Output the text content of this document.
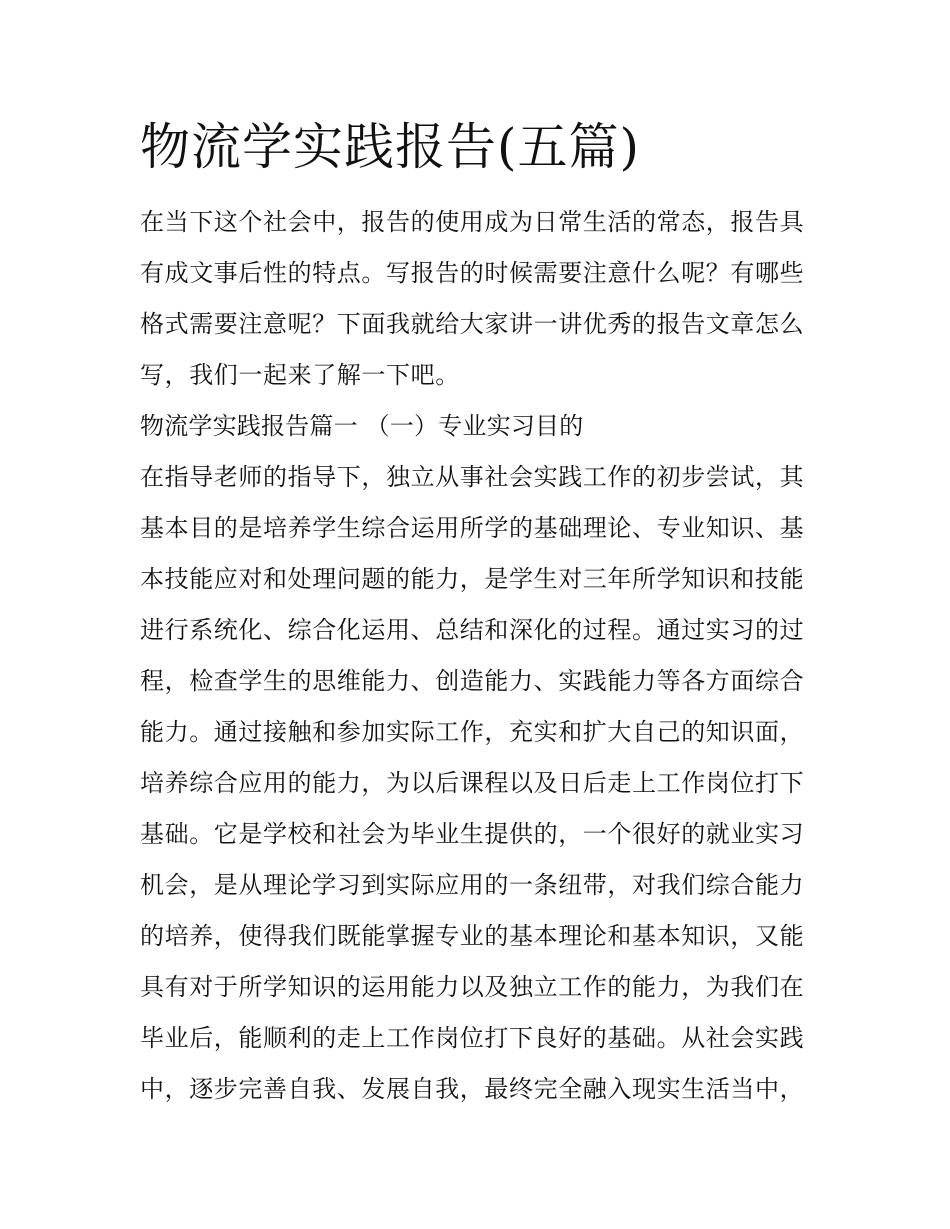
物流学实践报告(五篇)
在当下这个社会中，报告的使用成为日常生活的常态，报告具
有成文事后性的特点。写报告的时候需要注意什么呢？有哪些
格式需要注意呢？下面我就给大家讲一讲优秀的报告文章怎么
写，我们一起来了解一下吧。
物流学实践报告篇一 （一）专业实习目的
在指导老师的指导下，独立从事社会实践工作的初步尝试，其
基本目的是培养学生综合运用所学的基础理论、专业知识、基
本技能应对和处理问题的能力，是学生对三年所学知识和技能
进行系统化、综合化运用、总结和深化的过程。通过实习的过
程，检查学生的思维能力、创造能力、实践能力等各方面综合
能力。通过接触和参加实际工作，充实和扩大自己的知识面，
培养综合应用的能力，为以后课程以及日后走上工作岗位打下
基础。它是学校和社会为毕业生提供的，一个很好的就业实习
机会，是从理论学习到实际应用的一条纽带，对我们综合能力
的培养，使得我们既能掌握专业的基本理论和基本知识，又能
具有对于所学知识的运用能力以及独立工作的能力，为我们在
毕业后，能顺利的走上工作岗位打下良好的基础。从社会实践
中，逐步完善自我、发展自我，最终完全融入现实生活当中，
